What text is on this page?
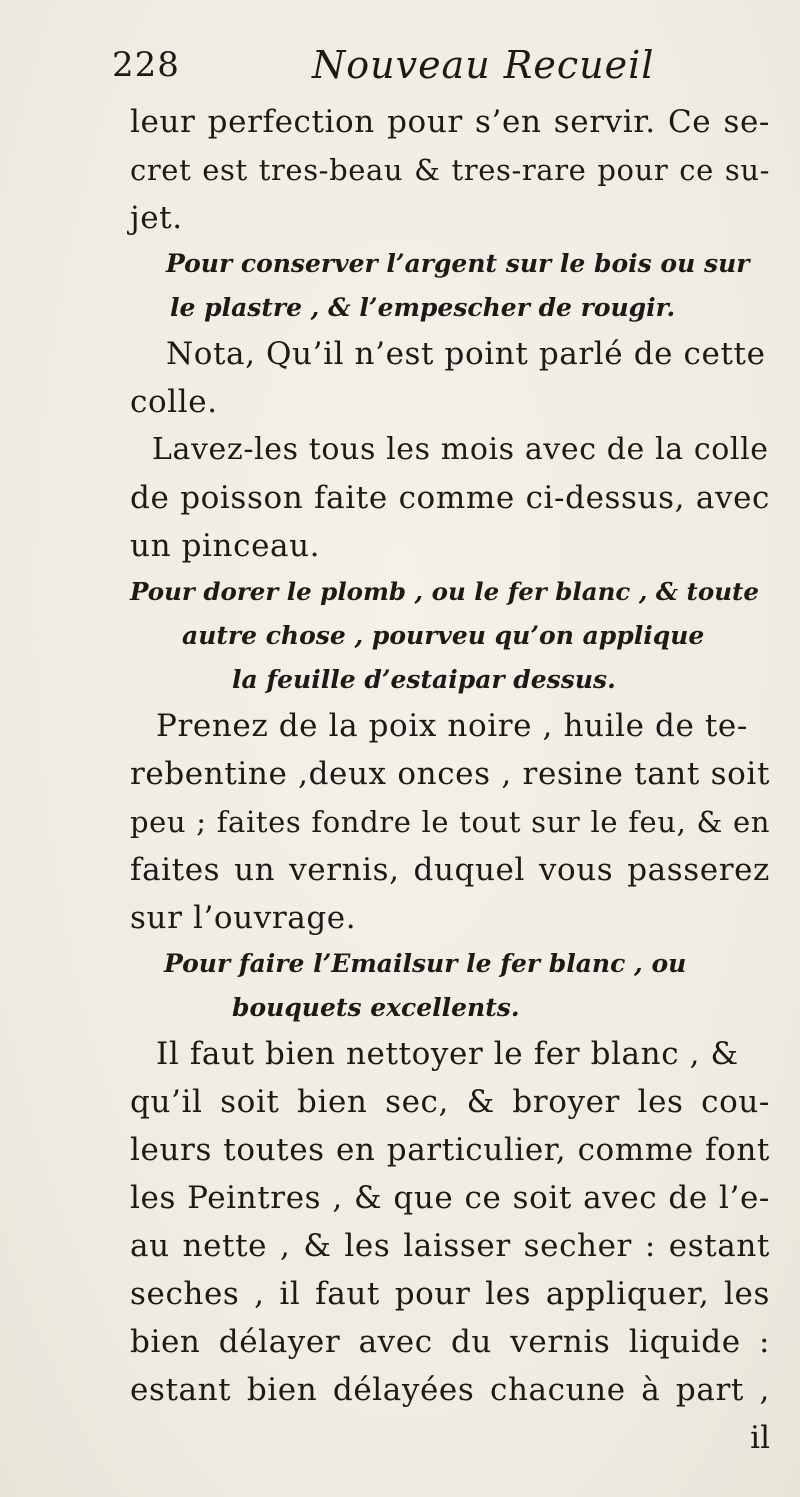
228	Nouveau Recueil
leur perfection pour s’en servir. Ce se-
cret est tres-beau & tres-rare pour ce su-
jet.
Pour conserver l’argent sur le bois ou sur
le plastre , & l’empescher de rougir.
Nota, Qu’il n’est point parlé de cette
colle.
Lavez-les tous les mois avec de la colle
de poisson faite comme ci-dessus, avec
un pinceau.
Pour dorer le plomb , ou le fer blanc , & toute
autre chose , pourveu qu’on applique
la feuille d’estaipar dessus.
Prenez de la poix noire , huile de te-
rebentine ,deux onces , resine tant soit
peu ; faites fondre le tout sur le feu, & en
faites un vernis, duquel vous passerez
sur l’ouvrage.
Pour faire l’Emailsur le fer blanc , ou
bouquets excellents.
Il faut bien nettoyer le fer blanc , &
qu’il soit bien sec, & broyer les cou-
leurs toutes en particulier, comme font
les Peintres , & que ce soit avec de l’e-
au nette , & les laisser secher : estant
seches , il faut pour les appliquer, les
bien délayer avec du vernis liquide :
estant bien délayées chacune à part ,
il
